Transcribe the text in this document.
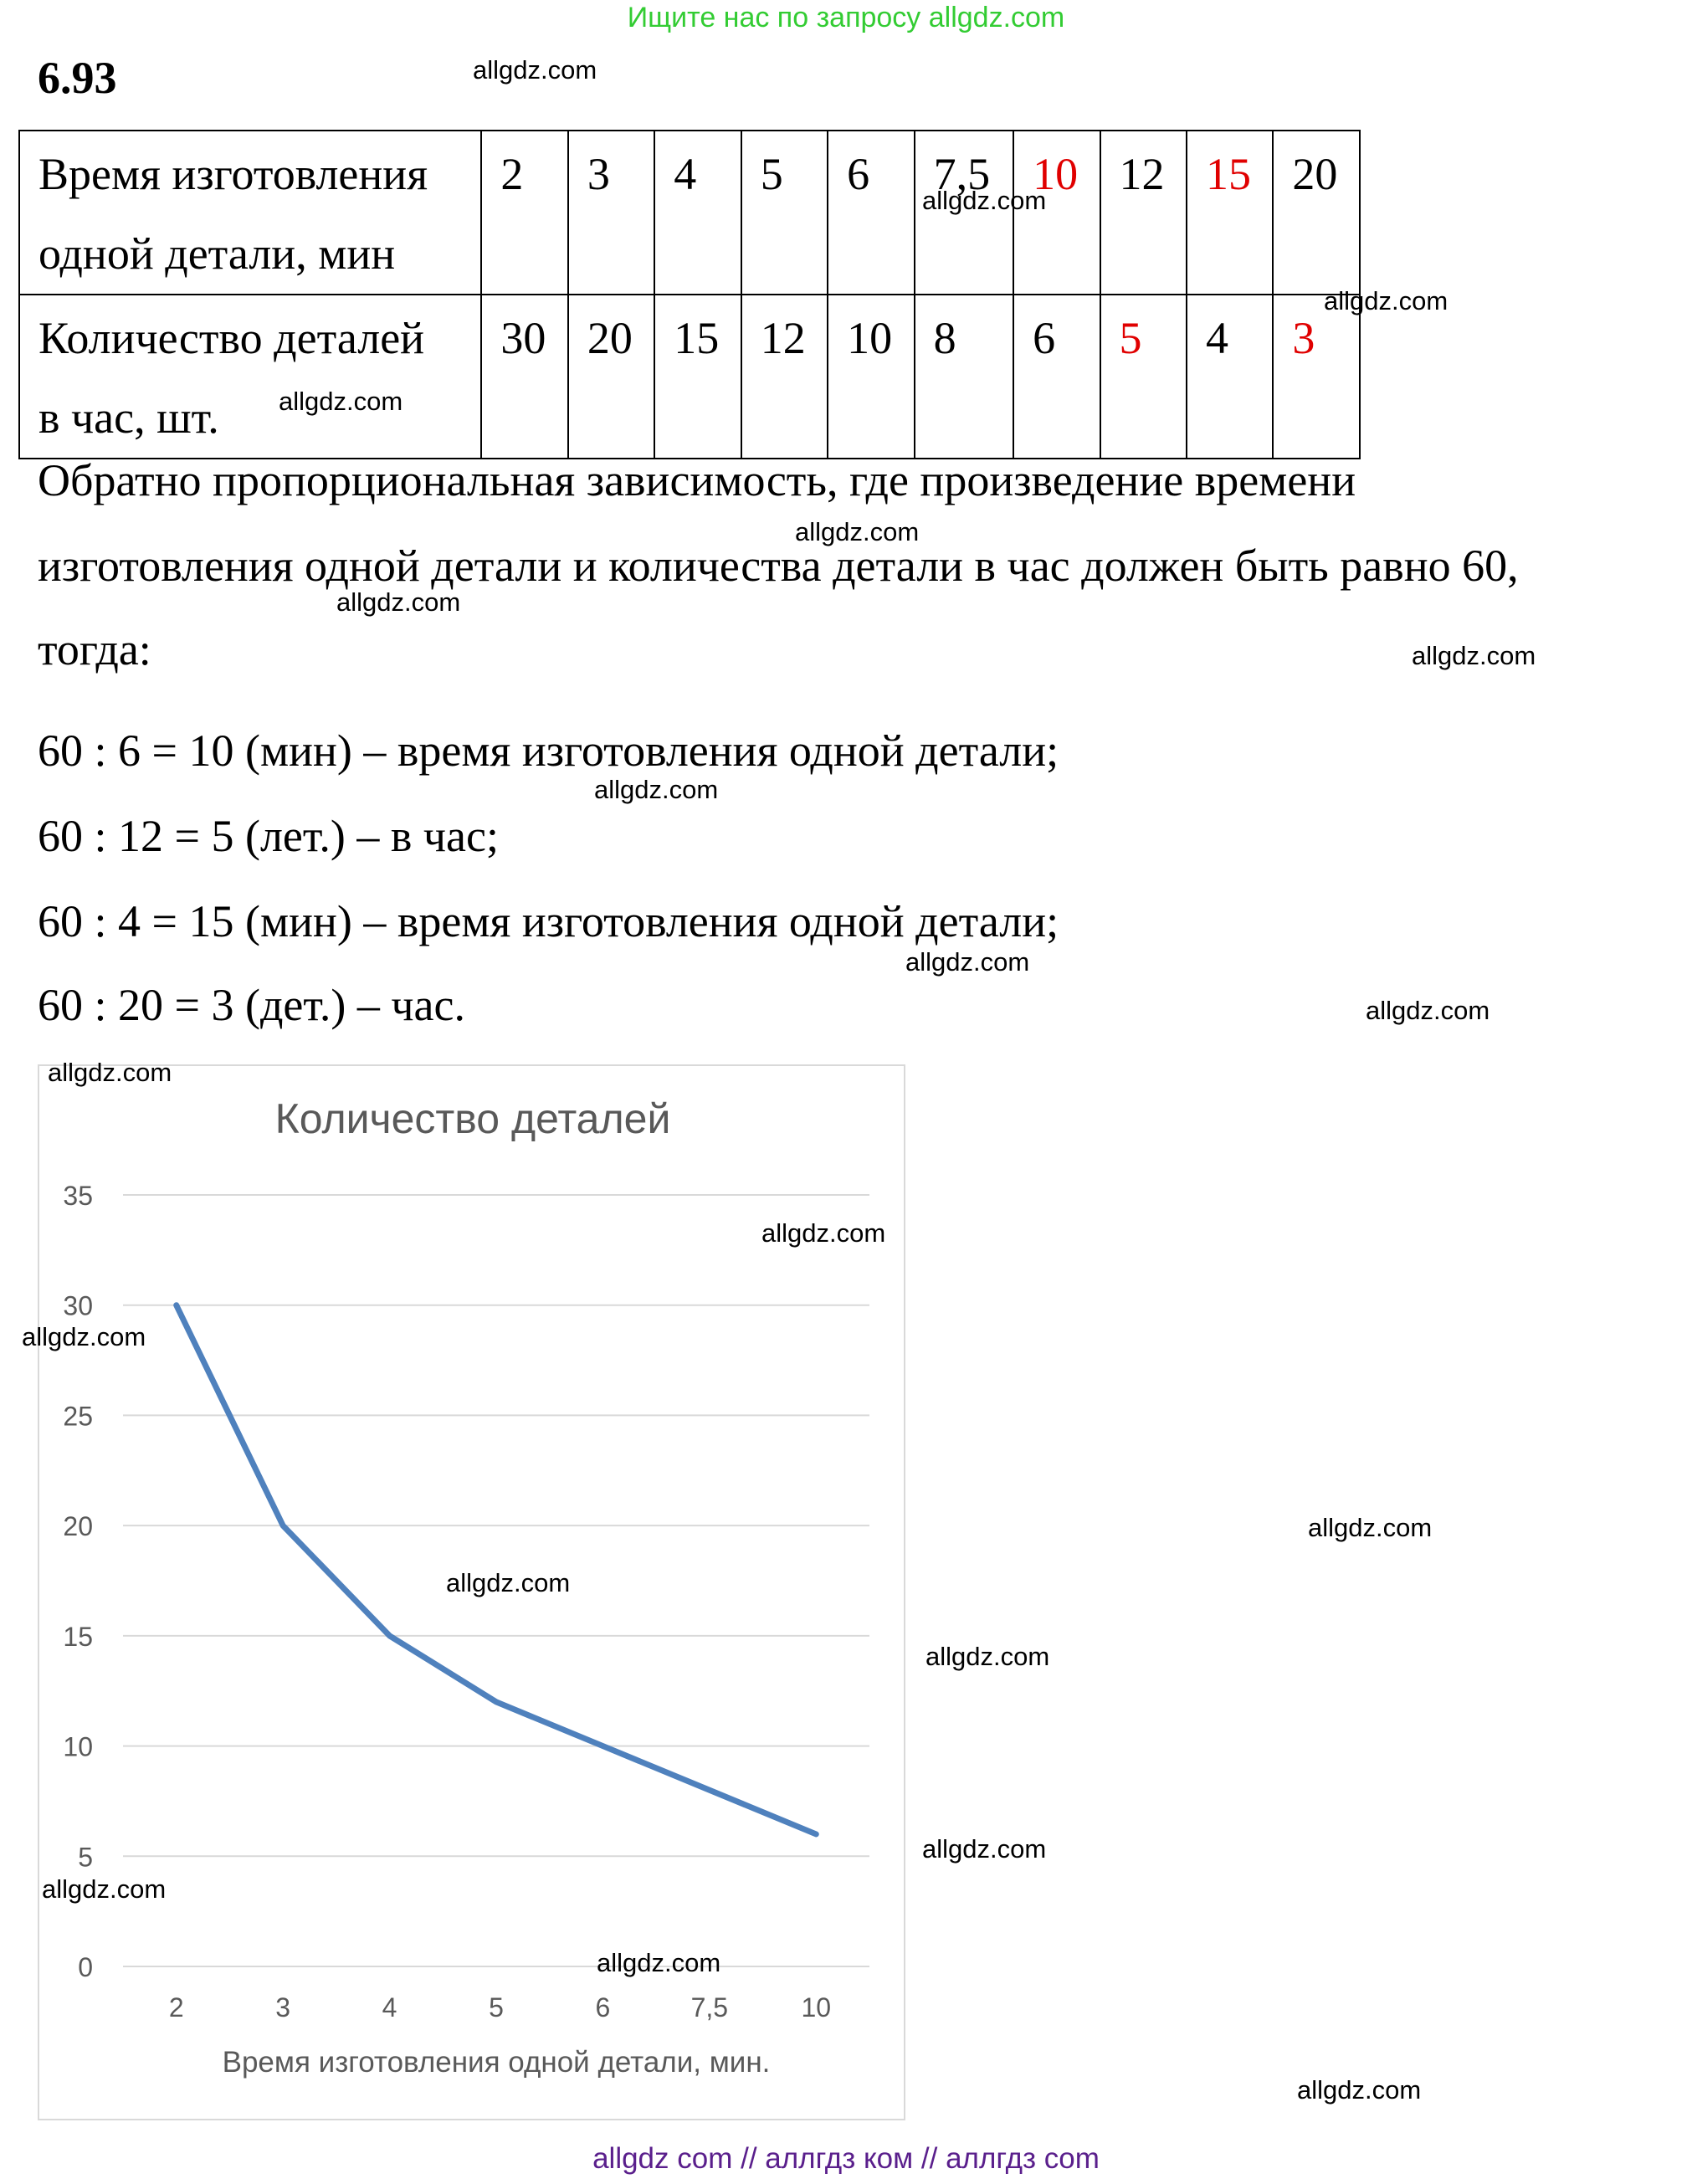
Ищите нас по запросу allgdz.com
6.93
Время изготовления
одной детали, мин	2	3	4	5	6	7,5	10	12	15	20
Количество деталей
в час, шт.	30	20	15	12	10	8	6	5	4	3
Обратно пропорциональная зависимость, где произведение времени
изготовления одной детали и количества детали в час должен быть равно 60,
тогда:
60 : 6 = 10 (мин) – время изготовления одной детали;
60 : 12 = 5 (лет.) – в час;
60 : 4 = 15 (мин) – время изготовления одной детали;
60 : 20 = 3 (дет.) – час.
Количество деталей
0
5
10
15
20
25
30
35
2	3	4	5	6	7,5	10
Время изготовления одной детали, мин.
allgdz.com
allgdz.com
allgdz.com
allgdz.com
allgdz.com
allgdz.com
allgdz.com
allgdz.com
allgdz.com
allgdz.com
allgdz.com
allgdz.com
allgdz.com
allgdz.com
allgdz.com
allgdz.com
allgdz.com
allgdz.com
allgdz.com
allgdz.com
allgdz com // аллгдз ком // аллгдз com
